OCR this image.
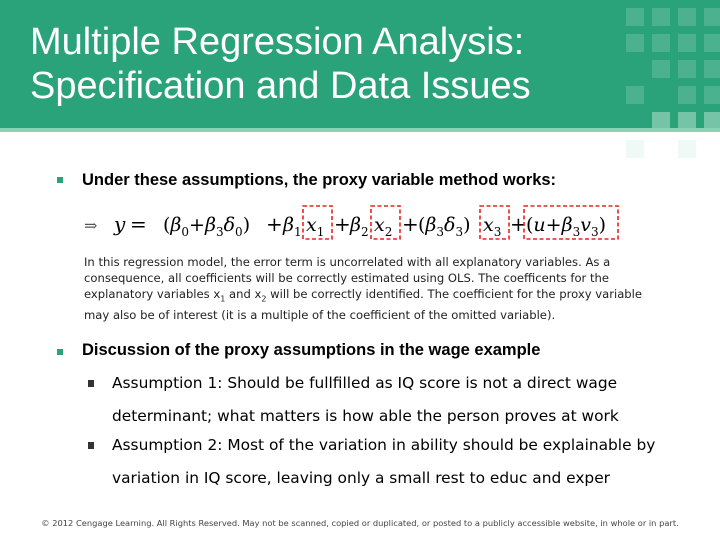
Multiple Regression Analysis:
Specification and Data Issues
Under these assumptions, the proxy variable method works:
⇒ $y = (\beta_0+\beta_3\delta_0) + \beta_1$ $x_1 + \beta_2$ $x_2 + (\beta_3\delta_3) x_3 + (u+\beta_3v_3)$

In this regression model, the error term is uncorrelated with all explanatory variables. As a consequence, all coefficients will be correctly estimated using OLS. The coefficents for the explanatory variables $x_1$ and $x_2$ will be correctly identified. The coefficient for the proxy variable may also be of interest (it is a multiple of the coefficient of the omitted variable).

Discussion of the proxy assumptions in the wage example

Assumption 1: Should be fullfilled as IQ score is not a direct wage
determinant; what matters is how able the person proves at work

Assumption 2: Most of the variation in ability should be explainable by
variation in IQ score, leaving only a small rest to educ and exper

© 2012 Cengage Learning. All Rights Reserved. May not be scanned, copied or duplicated, or posted to a publicly accessible website, in whole or in part.
